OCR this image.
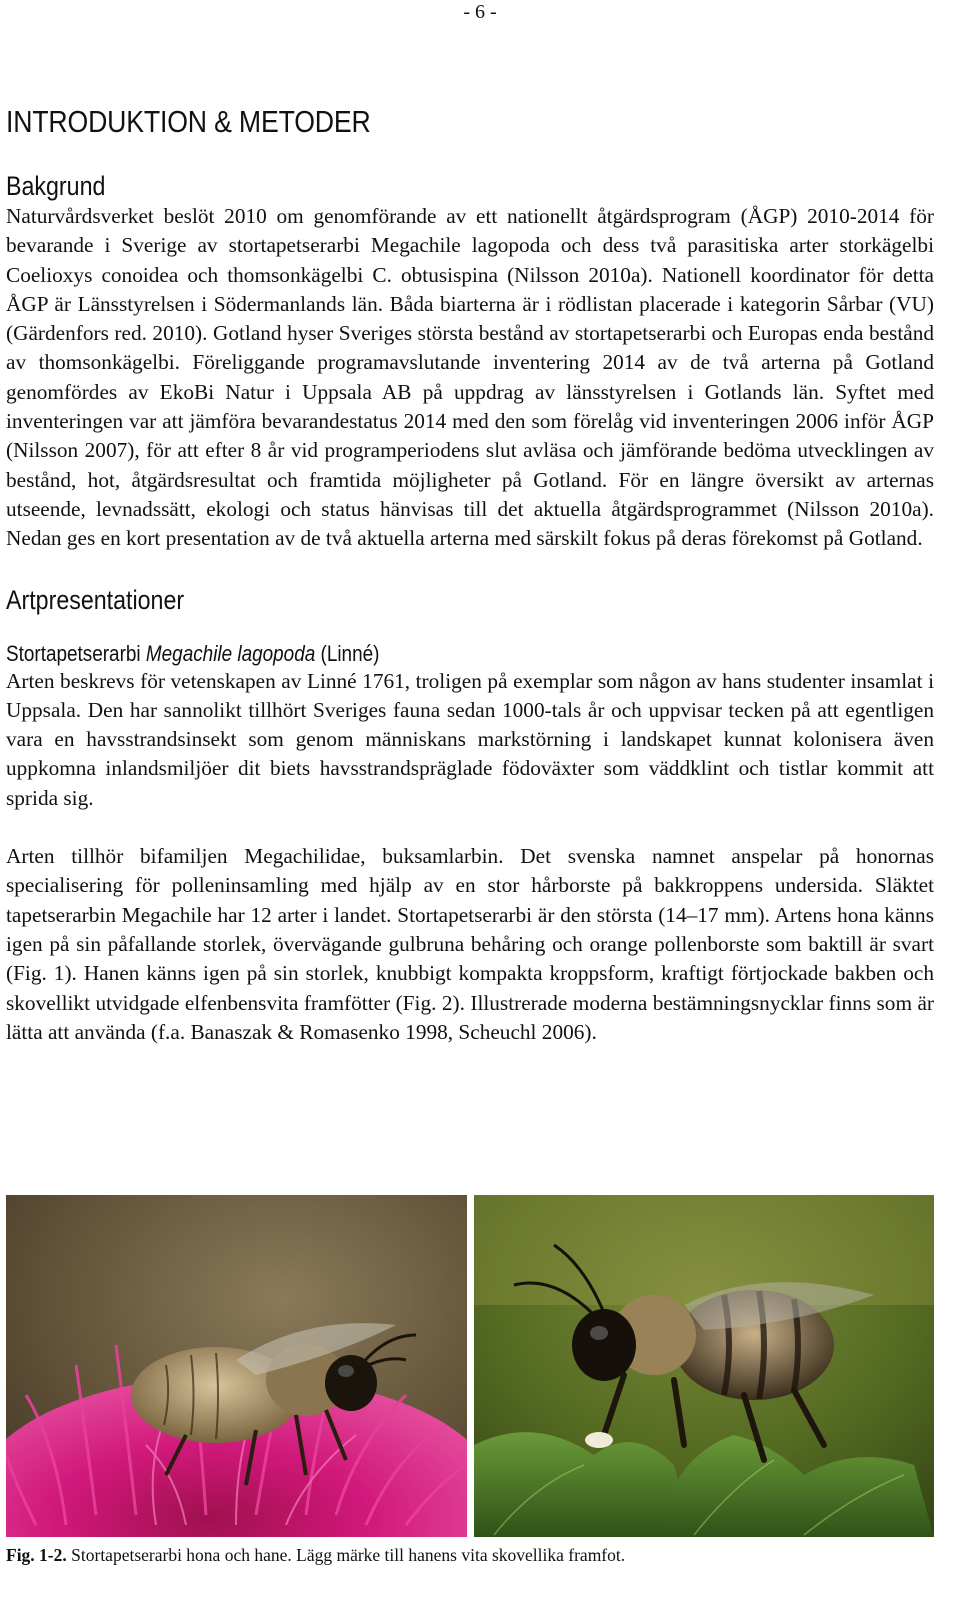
- 6 -
INTRODUKTION & METODER
Bakgrund

Naturvårdsverket beslöt 2010 om genomförande av ett nationellt åtgärdsprogram (ÅGP) 2010-2014 för bevarande i Sverige av stortapetserarbi Megachile lagopoda och dess två parasitiska arter storkägelbi Coelioxys conoidea och thomsonkägelbi C. obtusispina (Nilsson 2010a). Nationell koordinator för detta ÅGP är Länsstyrelsen i Södermanlands län. Båda biarterna är i rödlistan placerade i kategorin Sårbar (VU) (Gärdenfors red. 2010). Gotland hyser Sveriges största bestånd av stortapetserarbi och Europas enda bestånd av thomsonkägelbi. Föreliggande programavslutande inventering 2014 av de två arterna på Gotland genomfördes av EkoBi Natur i Uppsala AB på uppdrag av länsstyrelsen i Gotlands län. Syftet med inventeringen var att jämföra bevarandestatus 2014 med den som förelåg vid inventeringen 2006 inför ÅGP (Nilsson 2007), för att efter 8 år vid programperiodens slut avläsa och jämförande bedöma utvecklingen av bestånd, hot, åtgärdsresultat och framtida möjligheter på Gotland. För en längre översikt av arternas utseende, levnadssätt, ekologi och status hänvisas till det aktuella åtgärdsprogrammet (Nilsson 2010a). Nedan ges en kort presentation av de två aktuella arterna med särskilt fokus på deras förekomst på Gotland.

Artpresentationer
Stortapetserarbi Megachile lagopoda (Linné)

Arten beskrevs för vetenskapen av Linné 1761, troligen på exemplar som någon av hans studenter insamlat i Uppsala. Den har sannolikt tillhört Sveriges fauna sedan 1000-tals år och uppvisar tecken på att egentligen vara en havsstrandsinsekt som genom människans markstörning i landskapet kunnat kolonisera även uppkomna inlandsmiljöer dit biets havsstrandspräglade födoväxter som väddklint och tistlar kommit att sprida sig.

Arten tillhör bifamiljen Megachilidae, buksamlarbin. Det svenska namnet anspelar på honornas specialisering för polleninsamling med hjälp av en stor hårborste på bakkroppens undersida. Släktet tapetserarbin Megachile har 12 arter i landet. Stortapetserarbi är den största (14–17 mm). Artens hona känns igen på sin påfallande storlek, övervägande gulbruna behåring och orange pollenborste som baktill är svart (Fig. 1). Hanen känns igen på sin storlek, knubbigt kompakta kroppsform, kraftigt förtjockade bakben och skovellikt utvidgade elfenbensvita framfötter (Fig. 2). Illustrerade moderna bestämningsnycklar finns som är lätta att använda (f.a. Banaszak & Romasenko 1998, Scheuchl 2006).

Fig. 1-2. Stortapetserarbi hona och hane. Lägg märke till hanens vita skovellika framfot.
